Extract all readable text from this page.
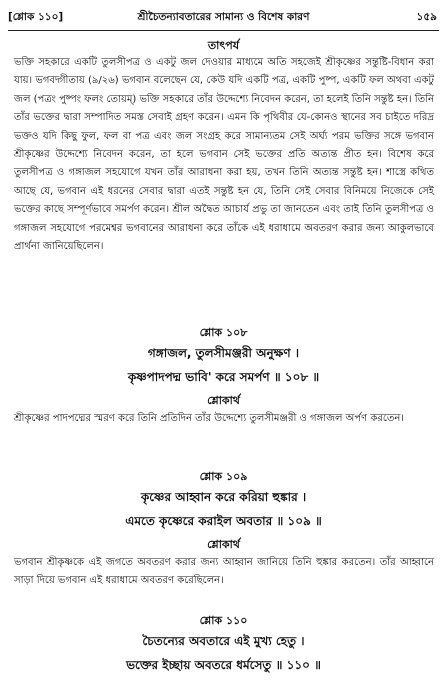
[শ্লোক ১১০]	শ্রীচৈতন্যাবতারের সামান্য ও বিশেষ কারণ	১৫৯
তাৎপর্য
ভক্তি সহকারে একটি তুলসীপত্র ও একটু জল দেওয়ার মাধ্যমে অতি সহজেই শ্রীকৃষ্ণের সন্তুষ্টি-বিধান করা যায়। ভগবদ্গীতায় (৯/২৬) ভগবান বলেছেন যে, কেউ যদি একটি পত্র, একটি পুষ্প, একটি ফল অথবা একটু জল (পত্রং পুষ্পং ফলং তোয়ম্) ভক্তি সহকারে তাঁর উদ্দেশ্যে নিবেদন করেন, তা হলেই তিনি সন্তুষ্ট হন। তিনি তাঁর ভক্তের দ্বারা সম্পাদিত সমস্ত সেবাই গ্রহণ করেন। এমন কি পৃথিবীর যে-কোনও স্থানের সব চাইতে দরিদ্র ভক্তও যদি কিছু ফুল, ফল বা পত্র এবং জল সংগ্রহ করে সামান্যতম সেই অর্ঘ্য পরম ভক্তির সঙ্গে ভগবান শ্রীকৃষ্ণের উদ্দেশ্যে নিবেদন করেন, তা হলে ভগবান সেই ভক্তের প্রতি অত্যন্ত প্রীত হন। বিশেষ করে তুলসীপত্র ও গঙ্গাজল সহযোগে যখন তাঁর আরাধনা করা হয়, তখন তিনি অত্যন্ত সন্তুষ্ট হন। শাস্ত্রে কথিত আছে যে, ভগবান এই ধরনের সেবার দ্বারা এতই সন্তুষ্ট হন যে, তিনি সেই সেবার বিনিময়ে নিজেকে সেই ভক্তের কাছে সম্পূর্ণভাবে সমর্পণ করেন। শ্রীল অদ্বৈত আচার্য প্রভু তা জানতেন এবং তাই তিনি তুলসীপত্র ও গঙ্গাজল সহযোগে পরমেশ্বর ভগবানের আরাধনা করে তাঁকে এই ধরাধামে অবতরণ করার জন্য আকুলভাবে প্রার্থনা জানিয়েছিলেন।
শ্লোক ১০৮
গঙ্গাজল, তুলসীমঞ্জরী অনুক্ষণ ।
কৃষ্ণপাদপদ্ম ভাবি' করে সমর্পণ ॥ ১০৮ ॥
শ্লোকার্থ
শ্রীকৃষ্ণের পাদপদ্মের স্মরণ করে তিনি প্রতিদিন তাঁর উদ্দেশ্যে তুলসীমঞ্জরী ও গঙ্গাজল অর্পণ করতেন।
শ্লোক ১০৯
কৃষ্ণের আহ্বান করে করিয়া হুঙ্কার ।
এমতে কৃষ্ণেরে করাইল অবতার ॥ ১০৯ ॥
শ্লোকার্থ
ভগবান শ্রীকৃষ্ণকে এই জগতে অবতরণ করার জন্য আহ্বান জানিয়ে তিনি হুঙ্কার করতেন। তাঁর আহ্বানে সাড়া দিয়ে ভগবান এই ধরাধামে অবতরণ করেছিলেন।
শ্লোক ১১০
চৈতন্যের অবতারে এই মুখ্য হেতু ।
ভক্তের ইচ্ছায় অবতরে ধর্মসেতু ॥ ১১০ ॥
